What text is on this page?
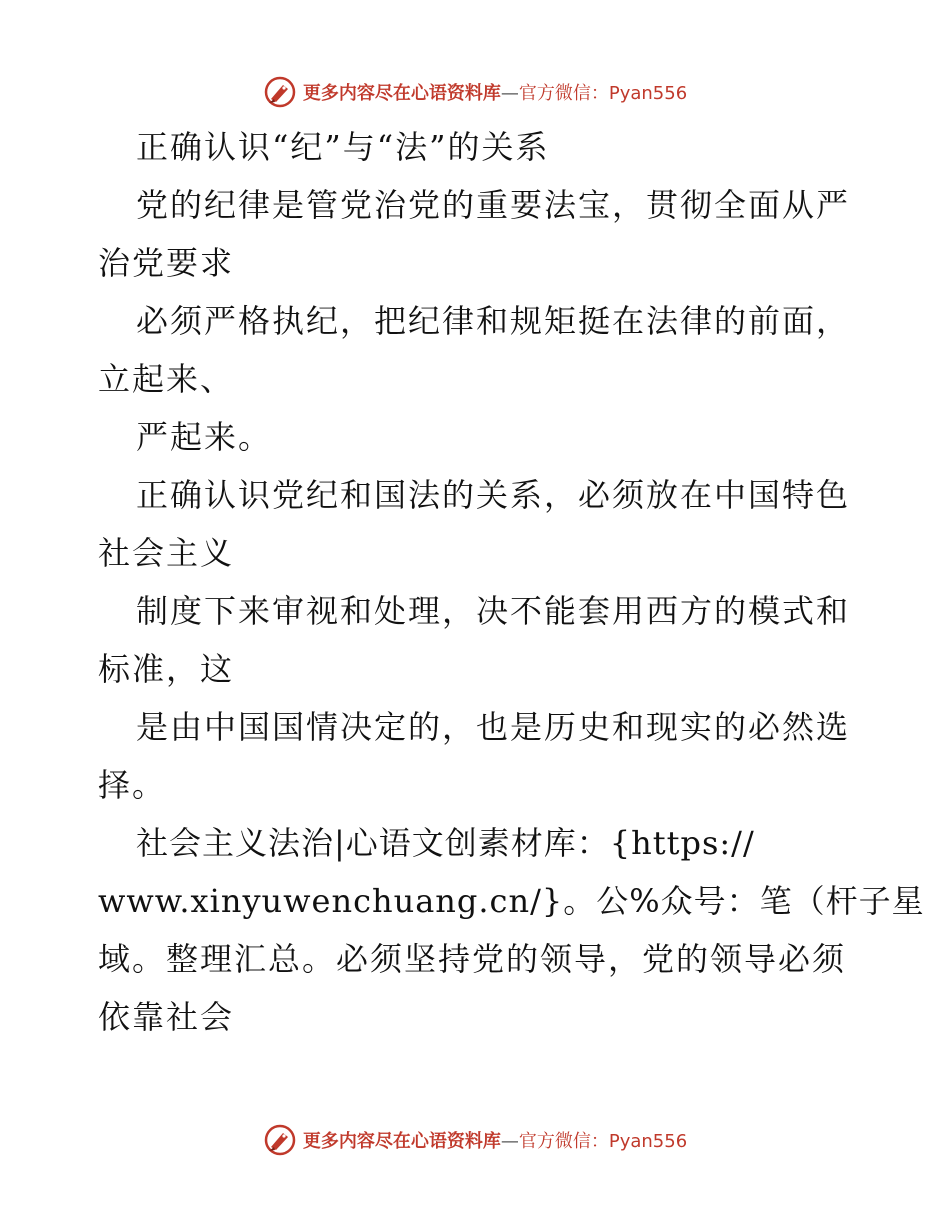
更多内容尽在心语资料库—官方微信：Pyan556
正确认识“纪”与“法”的关系
党的纪律是管党治党的重要法宝，贯彻全面从严
治党要求
必须严格执纪，把纪律和规矩挺在法律的前面，
立起来、
严起来。
正确认识党纪和国法的关系，必须放在中国特色
社会主义
制度下来审视和处理，决不能套用西方的模式和
标准，这
是由中国国情决定的，也是历史和现实的必然选
择。
社会主义法治|心语文创素材库：{https://
www.xinyuwenchuang.cn/}。公%众号：笔（杆子星
域。整理汇总。必须坚持党的领导，党的领导必须
依靠社会
更多内容尽在心语资料库—官方微信：Pyan556
